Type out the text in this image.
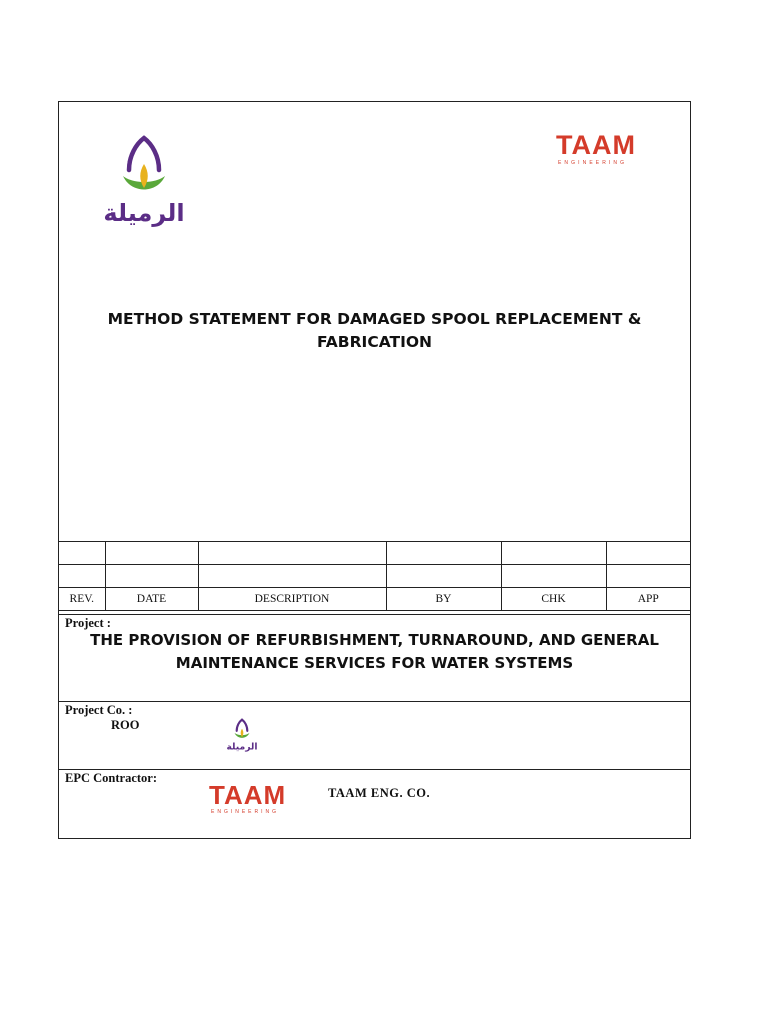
الرميلة
TAAM
ENGINEERING
METHOD STATEMENT FOR DAMAGED SPOOL REPLACEMENT &
FABRICATION

REV.	DATE	DESCRIPTION	BY	CHK	APP
Project :
THE PROVISION OF REFURBISHMENT, TURNAROUND, AND GENERAL
MAINTENANCE SERVICES FOR WATER SYSTEMS
Project Co. :
ROO
الرميلة
EPC Contractor:
TAAM
ENGINEERING
TAAM ENG. CO.
